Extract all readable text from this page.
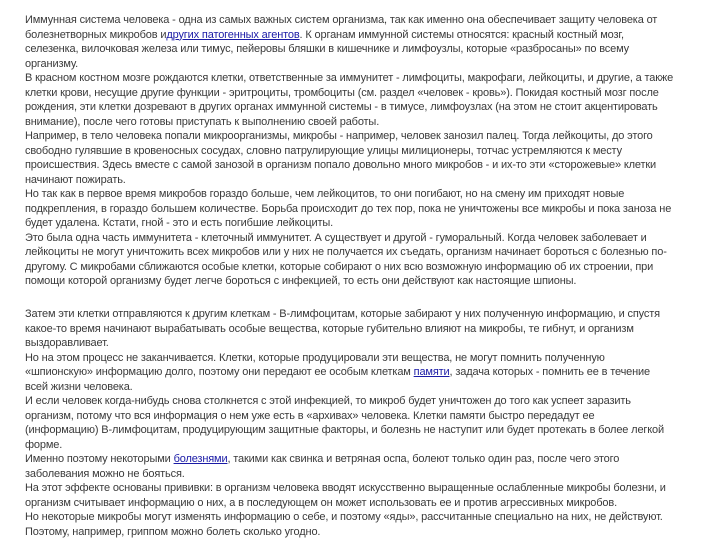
Иммунная система человека - одна из самых важных систем организма, так как именно она обеспечивает защиту человека от
болезнетворных микробов идругих патогенных агентов. К органам иммунной системы относятся: красный костный мозг,
селезенка, вилочковая железа или тимус, пейеровы бляшки в кишечнике и лимфоузлы, которые «разбросаны» по всему
организму.
В красном костном мозге рождаются клетки, ответственные за иммунитет - лимфоциты, макрофаги, лейкоциты, и другие, а также
клетки крови, несущие другие функции - эритроциты, тромбоциты (см. раздел «человек - кровь»). Покидая костный мозг после
рождения, эти клетки дозревают в других органах иммунной системы - в тимусе, лимфоузлах (на этом не стоит акцентировать
внимание), после чего готовы приступать к выполнению своей работы.
Например, в тело человека попали микроорганизмы, микробы - например, человек занозил палец. Тогда лейкоциты, до этого
свободно гулявшие в кровеносных сосудах, словно патрулирующие улицы милиционеры, тотчас устремляются к месту
происшествия. Здесь вместе с самой занозой в организм попало довольно много микробов - и их-то эти «сторожевые» клетки
начинают пожирать.
Но так как в первое время микробов гораздо больше, чем лейкоцитов, то они погибают, но на смену им приходят новые
подкрепления, в гораздо большем количестве. Борьба происходит до тех пор, пока не уничтожены все микробы и пока заноза не
будет удалена. Кстати, гной - это и есть погибшие лейкоциты.
Это была одна часть иммунитета - клеточный иммунитет. А существует и другой - гуморальный. Когда человек заболевает и
лейкоциты не могут уничтожить всех микробов или у них не получается их съедать, организм начинает бороться с болезнью по-
другому. С микробами сближаются особые клетки, которые собирают о них всю возможную информацию об их строении, при
помощи которой организму будет легче бороться с инфекцией, то есть они действуют как настоящие шпионы.
Затем эти клетки отправляются к другим клеткам - В-лимфоцитам, которые забирают у них полученную информацию, и спустя
какое-то время начинают вырабатывать особые вещества, которые губительно влияют на микробы, те гибнут, и организм
выздоравливает.
Но на этом процесс не заканчивается. Клетки, которые продуцировали эти вещества, не могут помнить полученную
«шпионскую» информацию долго, поэтому они передают ее особым клеткам памяти, задача которых - помнить ее в течение
всей жизни человека.
И если человек когда-нибудь снова столкнется с этой инфекцией, то микроб будет уничтожен до того как успеет заразить
организм, потому что вся информация о нем уже есть в «архивах» человека. Клетки памяти быстро передадут ее
(информацию) В-лимфоцитам, продуцирующим защитные факторы, и болезнь не наступит или будет протекать в более легкой
форме.
Именно поэтому некоторыми болезнями, такими как свинка и ветряная оспа, болеют только один раз, после чего этого
заболевания можно не бояться.
На этот эффекте основаны прививки: в организм человека вводят искусственно выращенные ослабленные микробы болезни, и
организм считывает информацию о них, а в последующем он может использовать ее и против агрессивных микробов.
Но некоторые микробы могут изменять информацию о себе, и поэтому «яды», рассчитанные специально на них, не действуют.
Поэтому, например, гриппом можно болеть сколько угодно.
